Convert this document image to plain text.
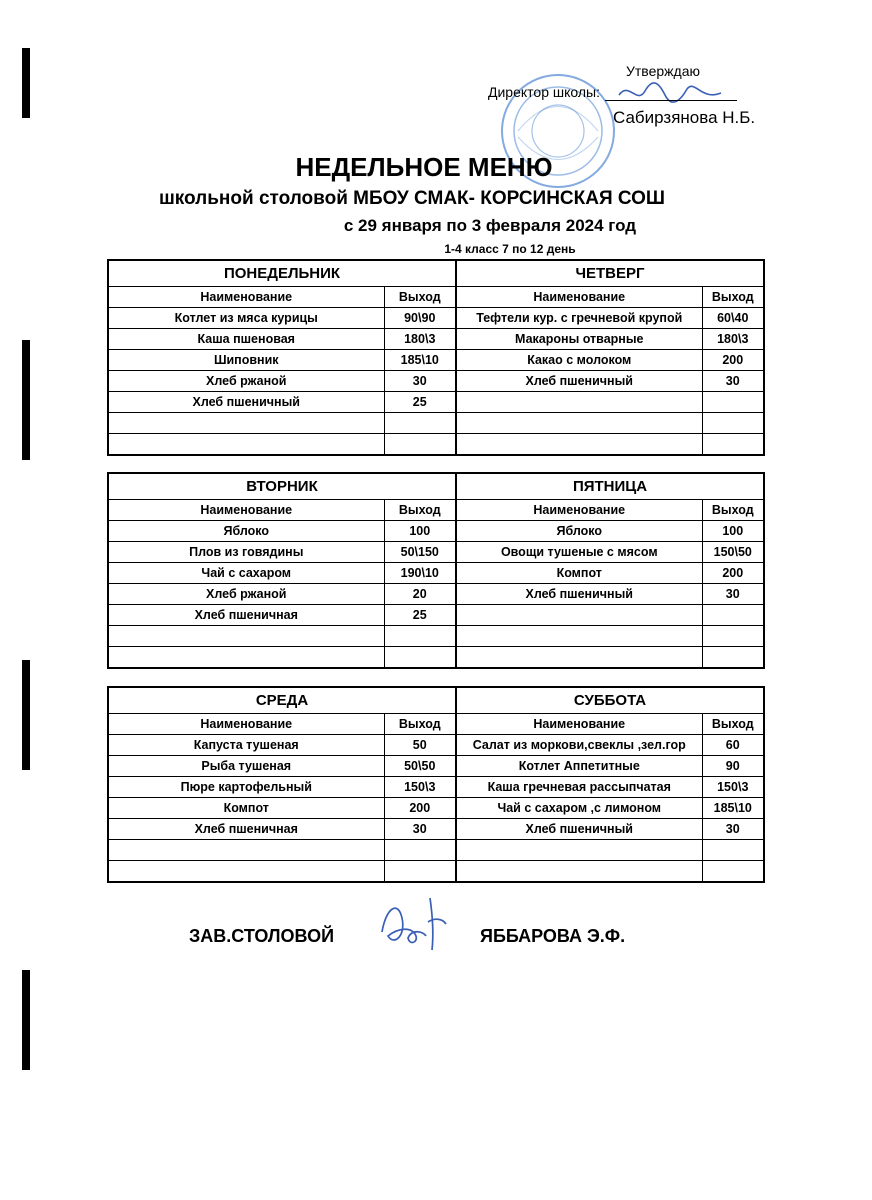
Утверждаю
Директор школы:
Сабирзянова Н.Б.
НЕДЕЛЬНОЕ МЕНЮ
школьной столовой МБОУ СМАК- КОРСИНСКАЯ СОШ
с 29 января по 3 февраля 2024 год
1-4 класс 7 по 12 день
ПОНЕДЕЛЬНИК		ЧЕТВЕРГ	
Наименование	Выход	Наименование	Выход
Котлет из мяса курицы	90\90	Тефтели кур. с гречневой крупой	60\40
Каша пшеновая	180\3	Макароны отварные	180\3
Шиповник	185\10	Какао с молоком	200
Хлеб ржаной	30	Хлеб пшеничный	30
Хлеб пшеничный	25		

ВТОРНИК		ПЯТНИЦА	
Наименование	Выход	Наименование	Выход
Яблоко	100	Яблоко	100
Плов из говядины	50\150	Овощи тушеные с мясом	150\50
Чай с сахаром	190\10	Компот	200
Хлеб ржаной	20	Хлеб пшеничный	30
Хлеб пшеничная	25		

СРЕДА		СУББОТА	
Наименование	Выход	Наименование	Выход
Капуста тушеная	50	Салат из моркови,свеклы ,зел.гор	60
Рыба тушеная	50\50	Котлет Аппетитные	90
Пюре картофельный	150\3	Каша гречневая рассыпчатая	150\3
Компот	200	Чай с сахаром ,с лимоном	185\10
Хлеб пшеничная	30	Хлеб пшеничный	30

ЗАВ.СТОЛОВОЙ	ЯББАРОВА Э.Ф.
